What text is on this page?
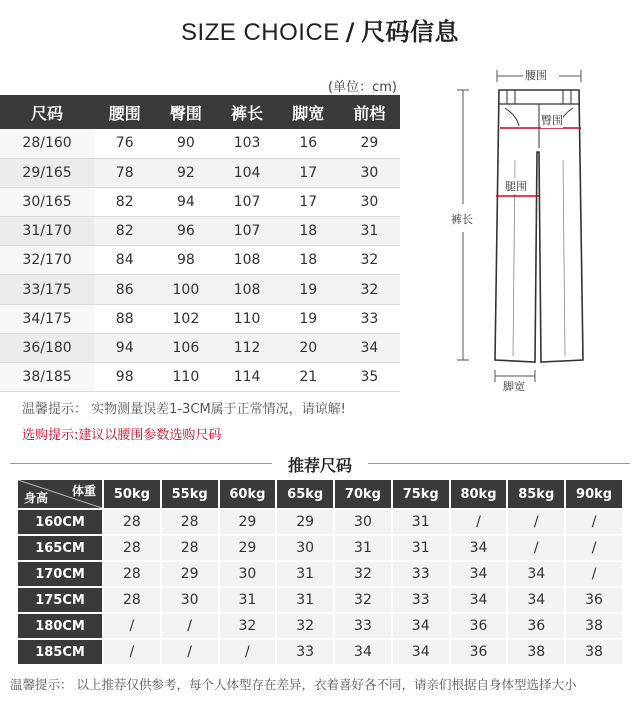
SIZE CHOICE / 尺码信息
(单位：cm)
尺码	腰围	臀围	裤长	脚宽	前档
28/160	76	90	103	16	29
29/165	78	92	104	17	30
30/165	82	94	107	17	30
31/170	82	96	107	18	31
32/170	84	98	108	18	32
33/175	86	100	108	19	32
34/175	88	102	110	19	33
36/180	94	106	112	20	34
38/185	98	110	114	21	35
腰围
臀围
腿围
裤长
脚宽
温馨提示： 实物测量误差1-3CM属于正常情况，请谅解!
选购提示:建议以腰围参数选购尺码
推荐尺码
体重
身高	50kg	55kg	60kg	65kg	70kg	75kg	80kg	85kg	90kg
160CM	28	28	29	29	30	31	/	/	/
165CM	28	28	29	30	31	31	34	/	/
170CM	28	29	30	31	32	33	34	34	/
175CM	28	30	31	31	32	33	34	34	36
180CM	/	/	32	32	33	34	36	36	38
185CM	/	/	/	33	34	34	36	38	38
温馨提示： 以上推荐仅供参考，每个人体型存在差异，衣着喜好各不同，请亲们根据自身体型选择大小
